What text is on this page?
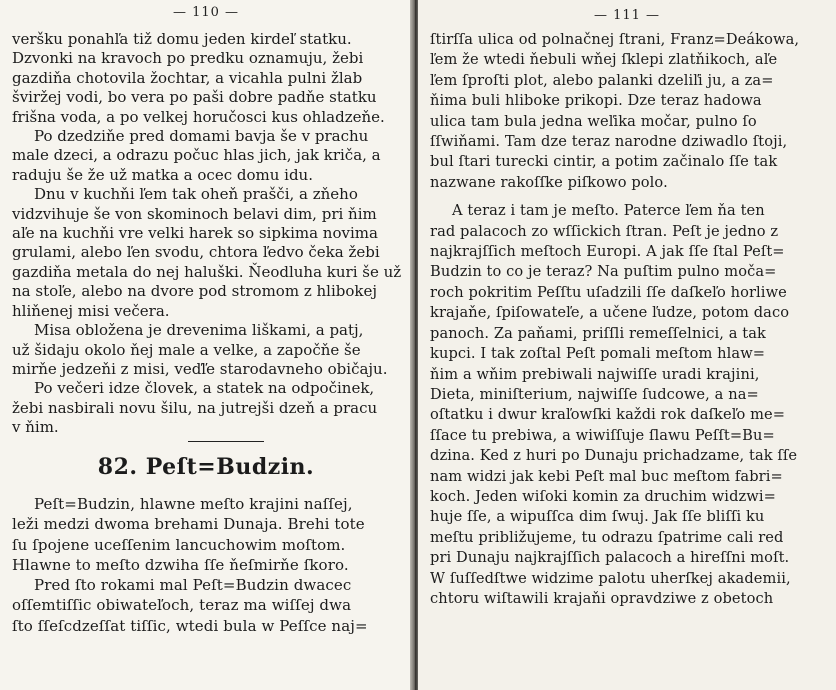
— 110 —

veršku ponahľa tiž domu jeden kirdeľ statku.
Dzvonki na kravoch po predku oznamuju, žebi
gazdiňa chotovila žochtar, a vicahla pulni žlab
šviržej vodi, bo vera po paši dobre padňe statku
frišna voda, a po velkej horučosci kus ohladzeňe.

Po dzedziňe pred domami bavja še v prachu
male dzeci, a odrazu počuc hlas jich, jak kriča, a
raduju še že už matka a ocec domu idu.

Dnu v kuchňi ľem tak oheň prašči, a zňeho
vidzvihuje še von skominoch belavi dim, pri ňim
aľe na kuchňi vre velki harek so sipkima novima
grulami, alebo ľen svodu, chtora ľedvo čeka žebi
gazdiňa metala do nej haluški. Ňeodluha kuri še už
na stoľe, alebo na dvore pod stromom z hlibokej
hliňenej misi večera.

Misa obložena je drevenima liškami, a patj,
už šidaju okolo ňej male a velke, a započňe še
mirňe jedzeňi z misi, veďľe starodavneho običaju.

Po večeri idze človek, a statek na odpočinek,
žebi nasbirali novu šilu, na jutrejši dzeň a pracu
v ňim.

82. Peſt=Budzin.
Peſt=Budzin, hlawne meſto krajini naſſej,
leži medzi dwoma brehami Dunaja. Brehi tote
ſu ſpojene uceſſenim lancuchowim moſtom.
Hlawne to meſto dzwiha ſſe ňeſmirňe ſkoro.
Pred ſto rokami mal Peſt=Budzin dwacec
oſſemtiſſic obiwateľoch, teraz ma wiſſej dwa
ſto ſſeſcdzeſſat tiſſic, wtedi bula w Peſſce naj=
— 111 —
ſtirſſa ulica od polnačnej ſtrani, Franz=Deákowa,
ľem že wtedi ňebuli wňej ſklepi zlatňikoch, aľe
ľem ſproſti plot, alebo palanki dzeliľi ju, a za=
ňima buli hliboke prikopi. Dze teraz hadowa
ulica tam bula jedna weľika močar, pulno ſo
ſſwiňami. Tam dze teraz narodne dziwadlo ſtoji,
bul ſtari turecki cintir, a potim začinalo ſſe tak
nazwane rakoſſke piſkowo polo.
A teraz i tam je meſto. Paterce ľem ňa ten
rad palacoch zo wſſickich ſtran. Peſt je jedno z
najkrajſſich meſtoch Europi. A jak ſſe ſtal Peſt=
Budzin to co je teraz? Na puſtim pulno moča=
roch pokritim Peſſtu uſadzili ſſe daſkeľo horliwe
krajaňe, ſpiſowateľe, a učene ľudze, potom daco
panoch. Za paňami, priſſli remeſſelnici, a tak
kupci. I tak zoſtal Peſt pomali meſtom hlaw=
ňim a wňim prebiwali najwiſſe uradi krajini,
Dieta, miniſterium, najwiſſe ſudcowe, a na=
oſtatku i dwur kraľowſki každi rok daſkeľo me=
ſſace tu prebiwa, a wiwiſſuje ſlawu Peſſt=Bu=
dzina. Ked z huri po Dunaju prichadzame, tak ſſe
nam widzi jak kebi Peſt mal buc meſtom fabri=
koch. Jeden wiſoki komin za druchim widzwi=
huje ſſe, a wipuſſca dim ſwuj. Jak ſſe bliſſi ku
meſtu približujeme, tu odrazu ſpatrime cali red
pri Dunaju najkrajſſich palacoch a hirеſſni moſt.
W ſuſſedſtwe widzime palotu uherſkej akademii,
chtoru wiſtawili krajaňi opravdziwe z obetoch
